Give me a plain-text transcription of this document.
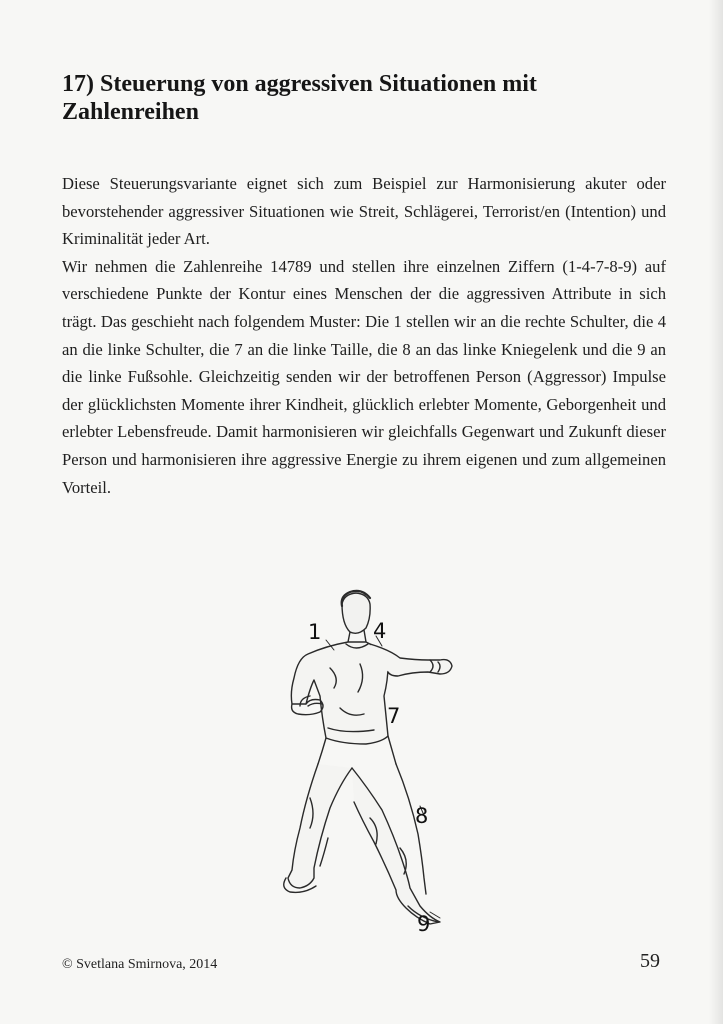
17) Steuerung von aggressiven Situationen mit Zahlenreihen

Diese Steuerungsvariante eignet sich zum Beispiel zur Harmonisierung akuter oder bevorstehender aggressiver Situationen wie Streit, Schlägerei, Terrorist/en (Intention) und Kriminalität jeder Art.

Wir nehmen die Zahlenreihe 14789 und stellen ihre einzelnen Ziffern (1-4-7-8-9) auf verschiedene Punkte der Kontur eines Menschen der die aggressiven Attribute in sich trägt. Das geschieht nach folgendem Muster: Die 1 stellen wir an die rechte Schulter, die 4 an die linke Schulter, die 7 an die linke Taille, die 8 an das linke Kniegelenk und die 9 an die linke Fußsohle. Gleichzeitig senden wir der betroffenen Person (Aggressor) Impulse der glücklichsten Momente ihrer Kindheit, glücklich erlebter Momente, Geborgenheit und erlebter Lebensfreude. Damit harmonisieren wir gleichfalls Gegenwart und Zukunft dieser Person und harmonisieren ihre aggressive Energie zu ihrem eigenen und zum allgemeinen Vorteil.

1 4
7
8
9
© Svetlana Smirnova, 2014	59
